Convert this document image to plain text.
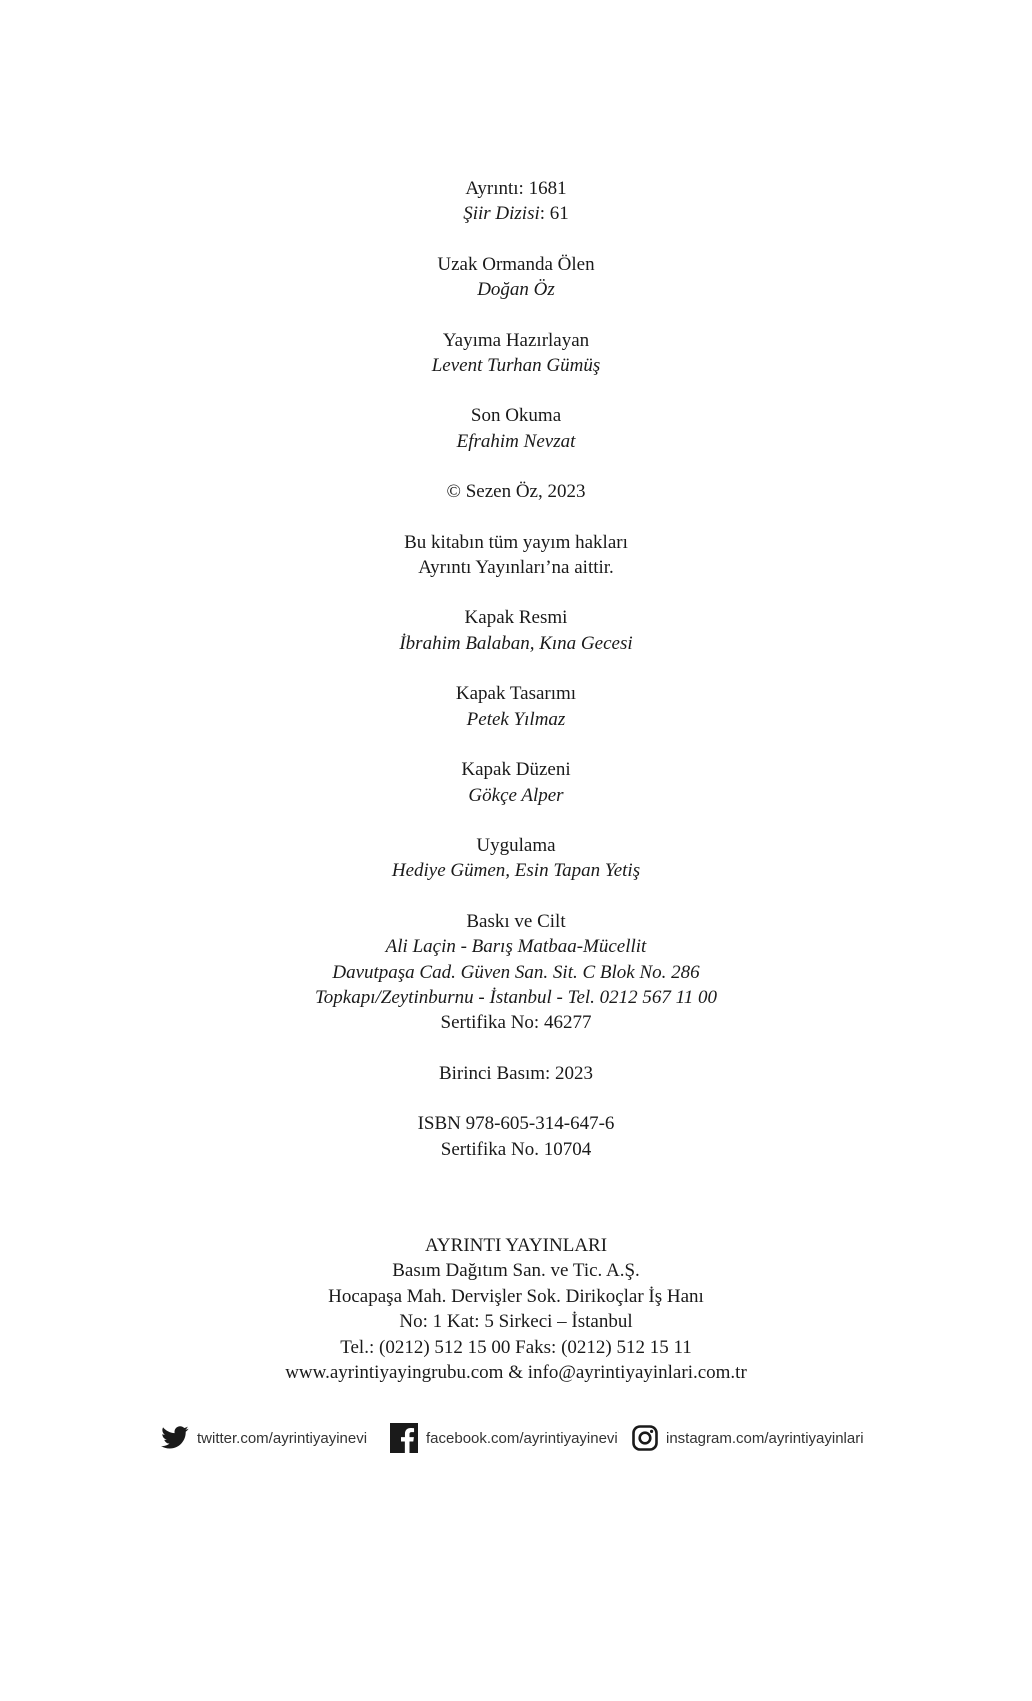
Ayrıntı: 1681
Şiir Dizisi: 61
Uzak Ormanda Ölen
Doğan Öz
Yayıma Hazırlayan
Levent Turhan Gümüş
Son Okuma
Efrahim Nevzat
© Sezen Öz, 2023
Bu kitabın tüm yayım hakları
Ayrıntı Yayınları’na aittir.
Kapak Resmi
İbrahim Balaban, Kına Gecesi
Kapak Tasarımı
Petek Yılmaz
Kapak Düzeni
Gökçe Alper
Uygulama
Hediye Gümen, Esin Tapan Yetiş
Baskı ve Cilt
Ali Laçin - Barış Matbaa-Mücellit
Davutpaşa Cad. Güven San. Sit. C Blok No. 286
Topkapı/Zeytinburnu - İstanbul - Tel. 0212 567 11 00
Sertifika No: 46277
Birinci Basım: 2023
ISBN 978-605-314-647-6
Sertifika No. 10704
AYRINTI YAYINLARI
Basım Dağıtım San. ve Tic. A.Ş.
Hocapaşa Mah. Dervişler Sok. Dirikoçlar İş Hanı
No: 1 Kat: 5 Sirkeci – İstanbul
Tel.: (0212) 512 15 00 Faks: (0212) 512 15 11
www.ayrintiyayingrubu.com & info@ayrintiyayinlari.com.tr
twitter.com/ayrintiyayinevi	facebook.com/ayrintiyayinevi	instagram.com/ayrintiyayinlari
